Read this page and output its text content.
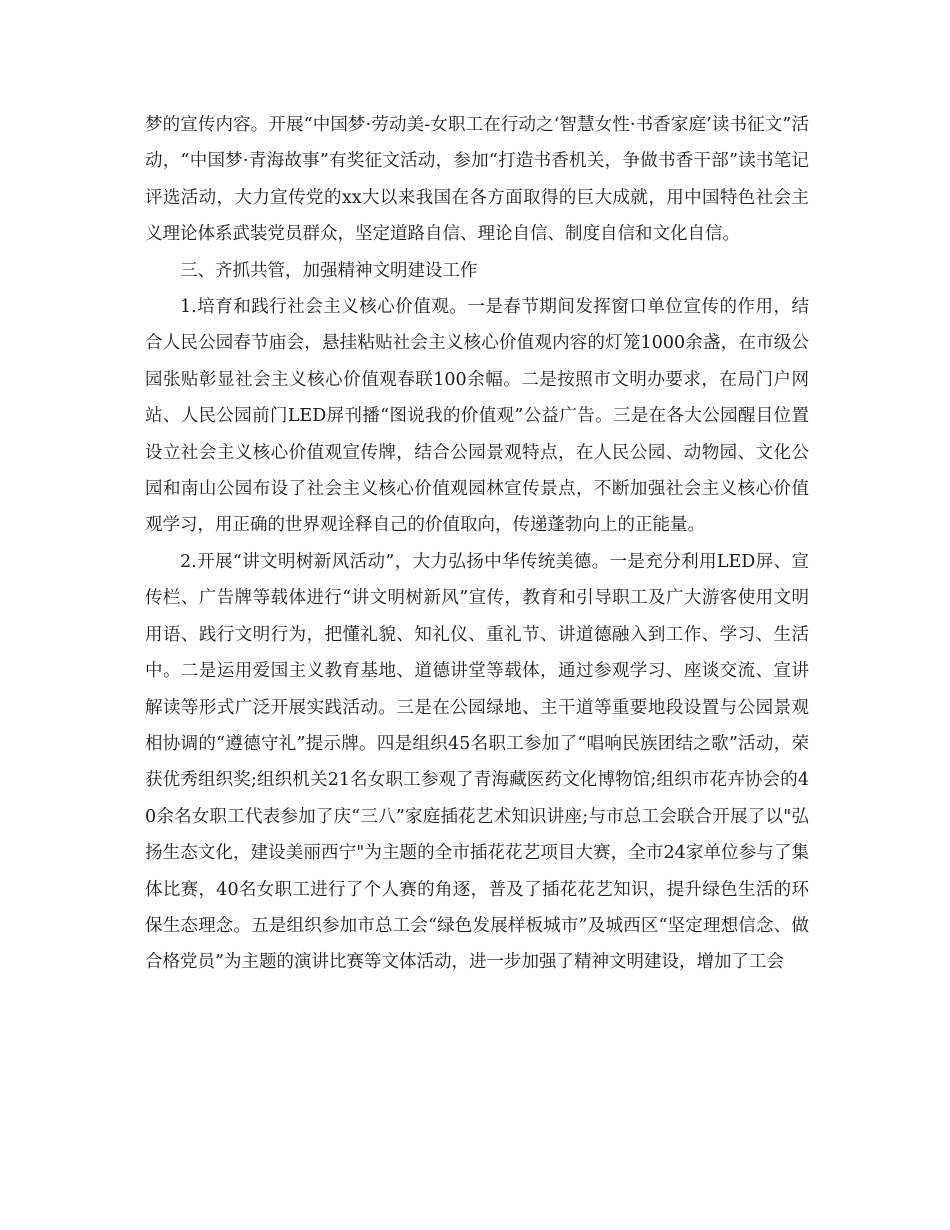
梦的宣传内容。开展“中国梦·劳动美-女职工在行动之‘智慧女性·书香家庭’读书征文”活动，“中国梦·青海故事”有奖征文活动，参加“打造书香机关，争做书香干部”读书笔记评选活动，大力宣传党的xx大以来我国在各方面取得的巨大成就，用中国特色社会主义理论体系武装党员群众，坚定道路自信、理论自信、制度自信和文化自信。

三、齐抓共管，加强精神文明建设工作

1.培育和践行社会主义核心价值观。一是春节期间发挥窗口单位宣传的作用，结合人民公园春节庙会，悬挂粘贴社会主义核心价值观内容的灯笼1000余盏，在市级公园张贴彰显社会主义核心价值观春联100余幅。二是按照市文明办要求，在局门户网站、人民公园前门LED屏刊播“图说我的价值观”公益广告。三是在各大公园醒目位置设立社会主义核心价值观宣传牌，结合公园景观特点，在人民公园、动物园、文化公园和南山公园布设了社会主义核心价值观园林宣传景点，不断加强社会主义核心价值观学习，用正确的世界观诠释自己的价值取向，传递蓬勃向上的正能量。

2.开展“讲文明树新风活动”，大力弘扬中华传统美德。一是充分利用LED屏、宣传栏、广告牌等载体进行“讲文明树新风”宣传，教育和引导职工及广大游客使用文明用语、践行文明行为，把懂礼貌、知礼仪、重礼节、讲道德融入到工作、学习、生活中。二是运用爱国主义教育基地、道德讲堂等载体，通过参观学习、座谈交流、宣讲解读等形式广泛开展实践活动。三是在公园绿地、主干道等重要地段设置与公园景观相协调的“遵德守礼”提示牌。四是组织45名职工参加了“唱响民族团结之歌”活动，荣获优秀组织奖;组织机关21名女职工参观了青海藏医药文化博物馆;组织市花卉协会的40余名女职工代表参加了庆“三八”家庭插花艺术知识讲座;与市总工会联合开展了以"弘扬生态文化，建设美丽西宁"为主题的全市插花花艺项目大赛，全市24家单位参与了集体比赛，40名女职工进行了个人赛的角逐，普及了插花花艺知识，提升绿色生活的环保生态理念。五是组织参加市总工会“绿色发展样板城市”及城西区“坚定理想信念、做合格党员”为主题的演讲比赛等文体活动，进一步加强了精神文明建设，增加了工会
